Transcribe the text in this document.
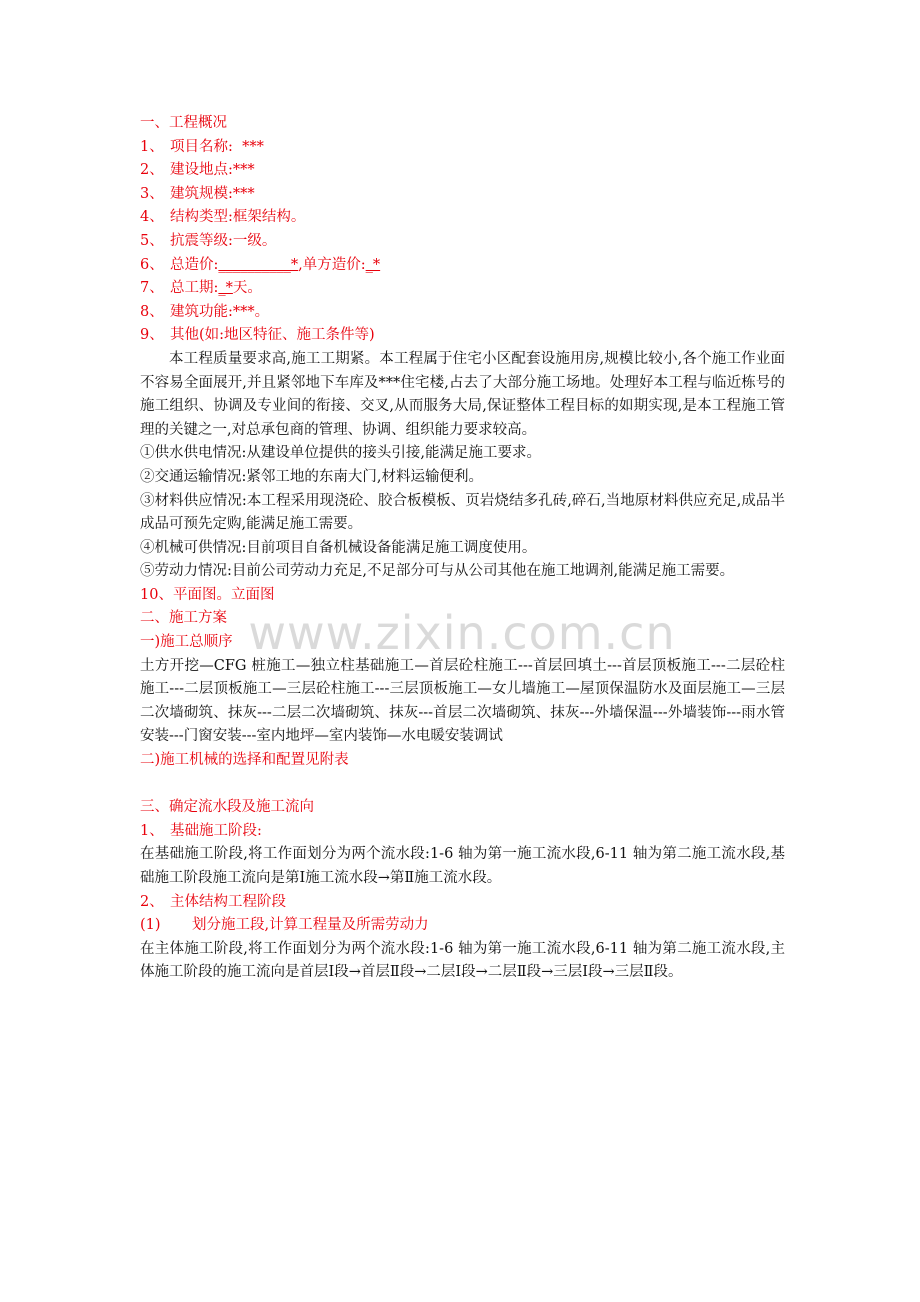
一、工程概况
1、 项目名称: ***
2、 建设地点:***
3、 建筑规模:***
4、 结构类型:框架结构。
5、 抗震等级:一级。
6、 总造价:__________*,单方造价:_*
7、 总工期:_*天。
8、 建筑功能:***。
9、 其他(如:地区特征、施工条件等)
本工程质量要求高,施工工期紧。本工程属于住宅小区配套设施用房,规模比较小,各个施工作业面不容易全面展开,并且紧邻地下车库及***住宅楼,占去了大部分施工场地。处理好本工程与临近栋号的施工组织、协调及专业间的衔接、交叉,从而服务大局,保证整体工程目标的如期实现,是本工程施工管理的关键之一,对总承包商的管理、协调、组织能力要求较高。
①供水供电情况:从建设单位提供的接头引接,能满足施工要求。
②交通运输情况:紧邻工地的东南大门,材料运输便利。
③材料供应情况:本工程采用现浇砼、胶合板模板、页岩烧结多孔砖,碎石,当地原材料供应充足,成品半成品可预先定购,能满足施工需要。
④机械可供情况:目前项目自备机械设备能满足施工调度使用。
⑤劳动力情况:目前公司劳动力充足,不足部分可与从公司其他在施工地调剂,能满足施工需要。
10、平面图。立面图
二、施工方案
一)施工总顺序
土方开挖—CFG 桩施工—独立柱基础施工—首层砼柱施工---首层回填土---首层顶板施工---二层砼柱施工---二层顶板施工—三层砼柱施工---三层顶板施工—女儿墙施工—屋顶保温防水及面层施工—三层二次墙砌筑、抹灰---二层二次墙砌筑、抹灰---首层二次墙砌筑、抹灰---外墙保温---外墙装饰---雨水管安装---门窗安装---室内地坪—室内装饰—水电暖安装调试
二)施工机械的选择和配置见附表
三、确定流水段及施工流向
1、 基础施工阶段:
在基础施工阶段,将工作面划分为两个流水段:1-6 轴为第一施工流水段,6-11 轴为第二施工流水段,基础施工阶段施工流向是第Ⅰ施工流水段→第Ⅱ施工流水段。
2、 主体结构工程阶段
(1) 划分施工段,计算工程量及所需劳动力
在主体施工阶段,将工作面划分为两个流水段:1-6 轴为第一施工流水段,6-11 轴为第二施工流水段,主体施工阶段的施工流向是首层Ⅰ段→首层Ⅱ段→二层Ⅰ段→二层Ⅱ段→三层Ⅰ段→三层Ⅱ段。
www.zixin.com.cn
